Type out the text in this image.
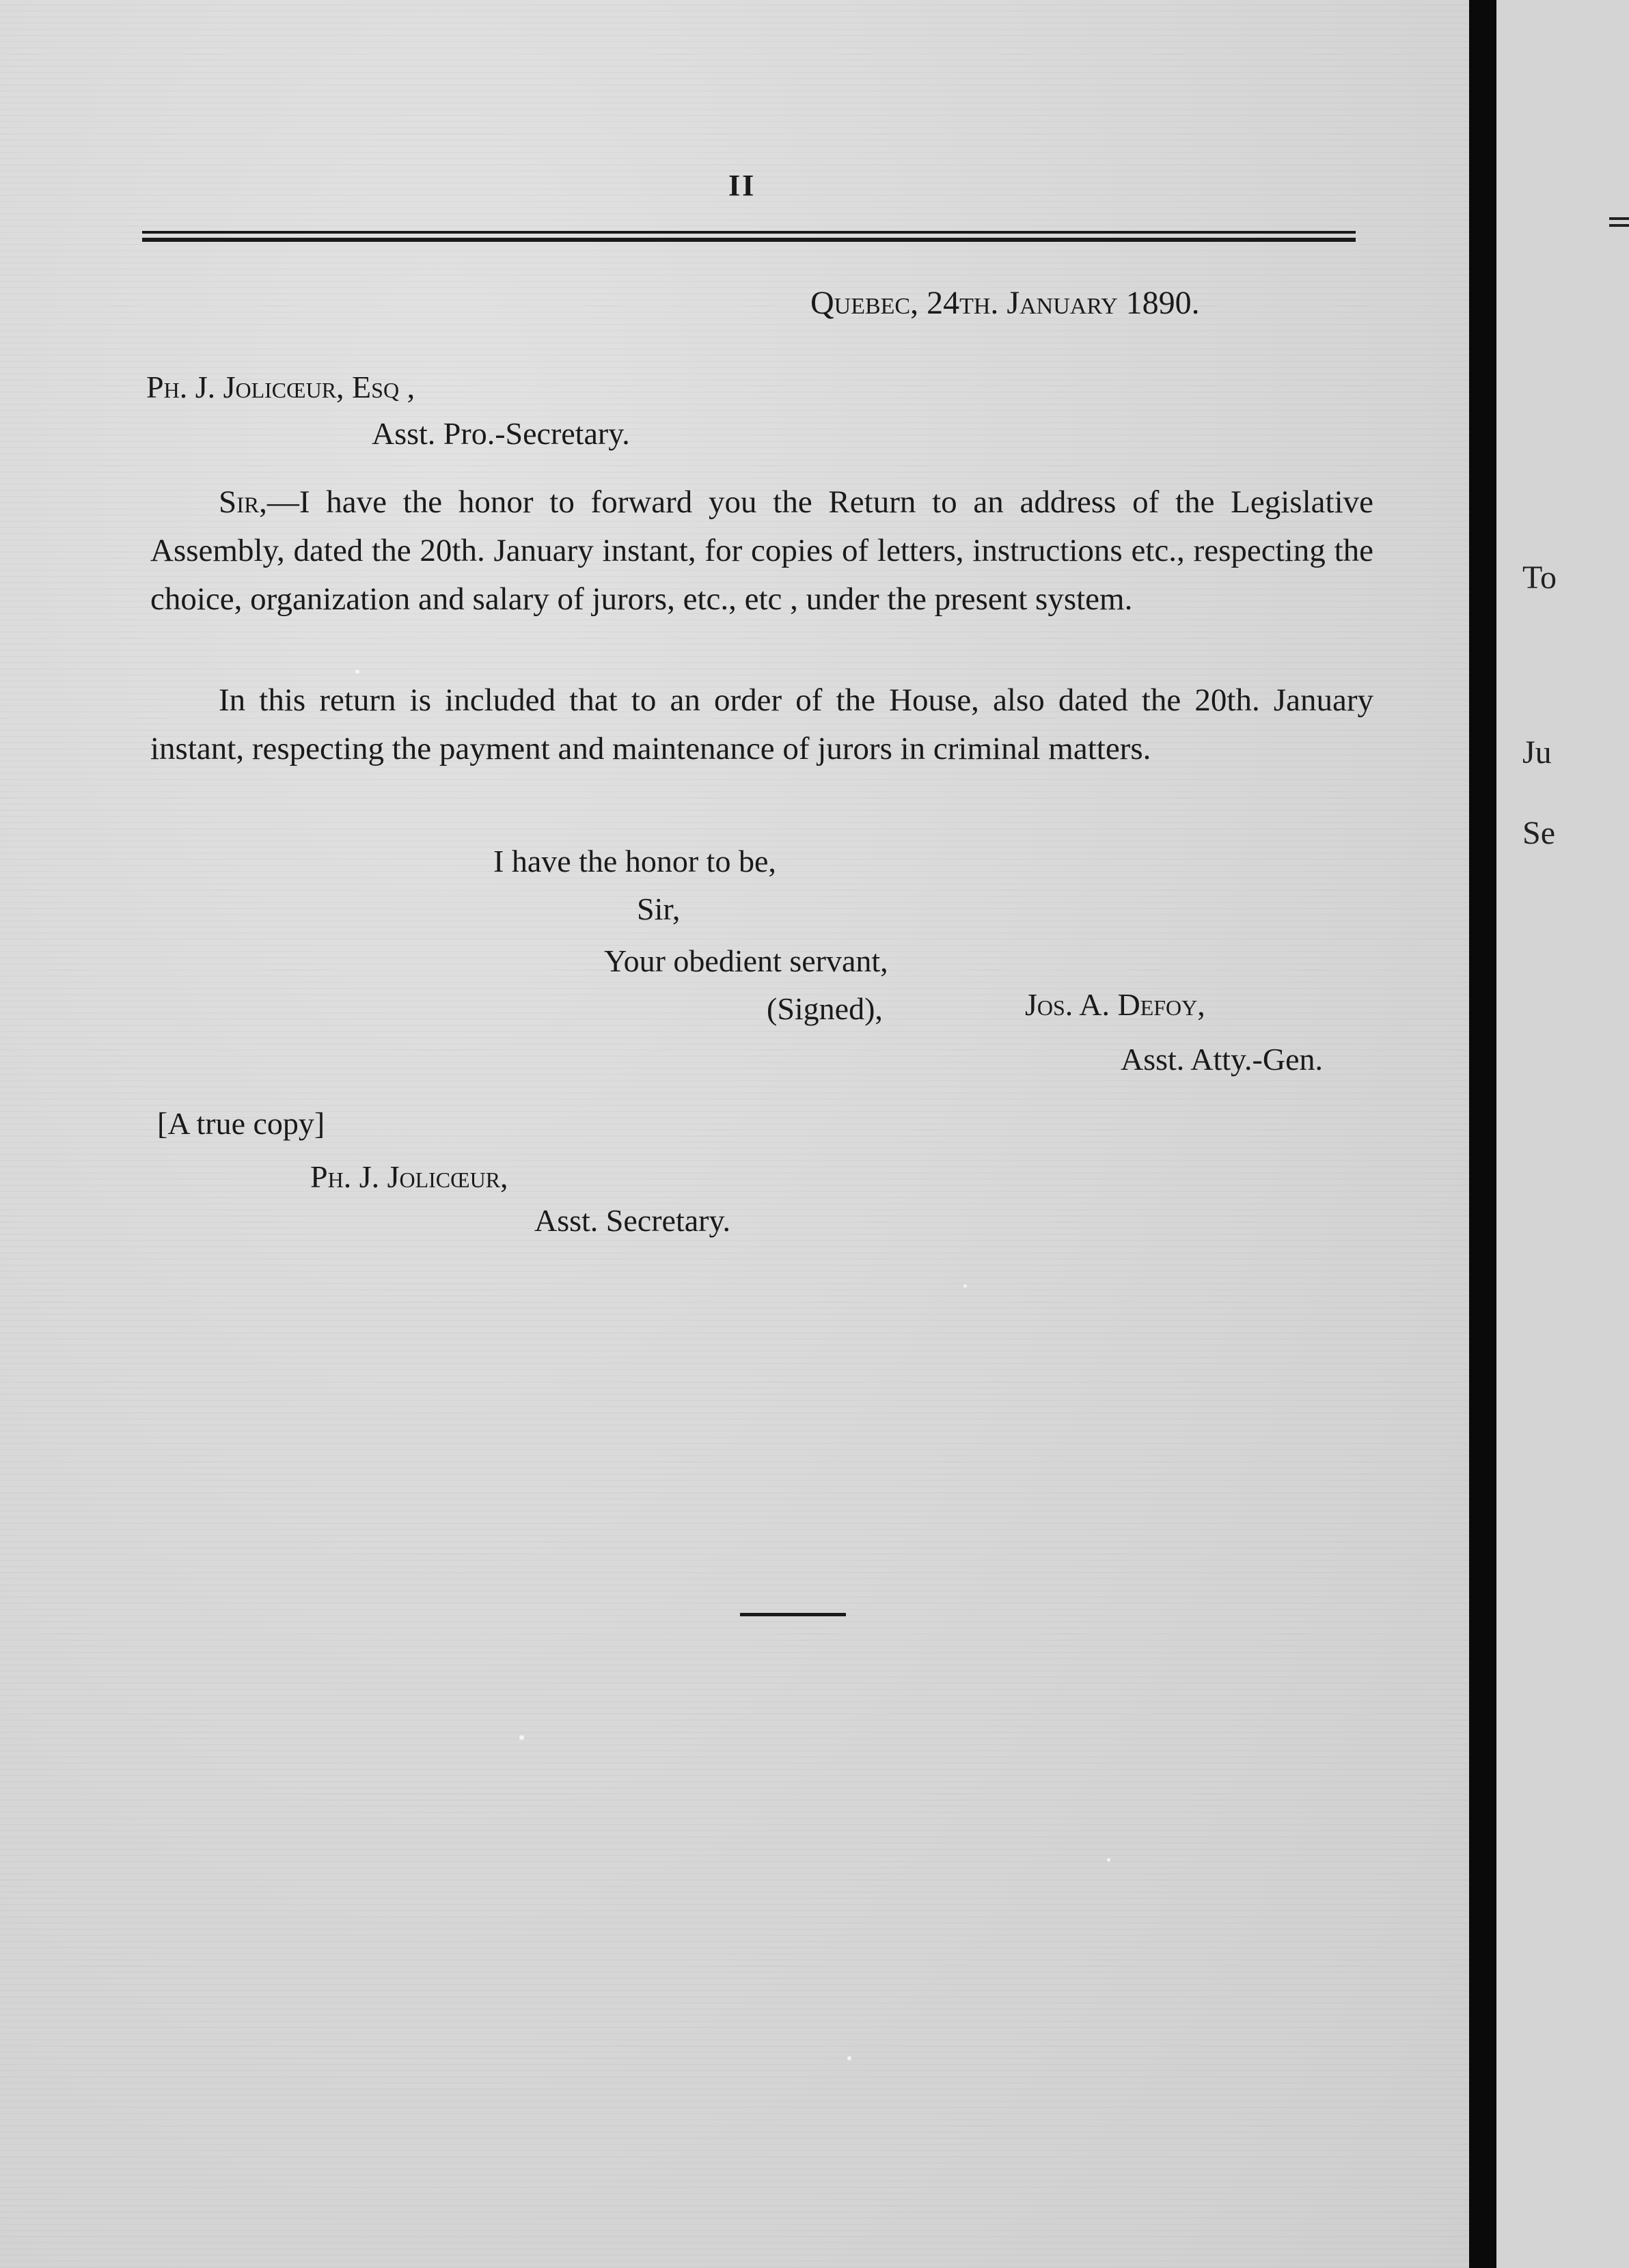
II
Quebec, 24th. January 1890.
Ph. J. Jolicœur, Esq ,
Asst. Pro.-Secretary.
Sir,—I have the honor to forward you the Return to an address of the Legislative Assembly, dated the 20th. January instant, for copies of letters, instructions etc., respecting the choice, organization and salary of jurors, etc., etc , under the present system.
In this return is included that to an order of the House, also dated the 20th. January instant, respecting the payment and maintenance of jurors in criminal matters.
I have the honor to be,
Sir,
Your obedient servant,
(Signed),	Jos. A. Defoy,
Asst. Atty.-Gen.
[A true copy]
Ph. J. Jolicœur,
Asst. Secretary.
To
Ju
Se
